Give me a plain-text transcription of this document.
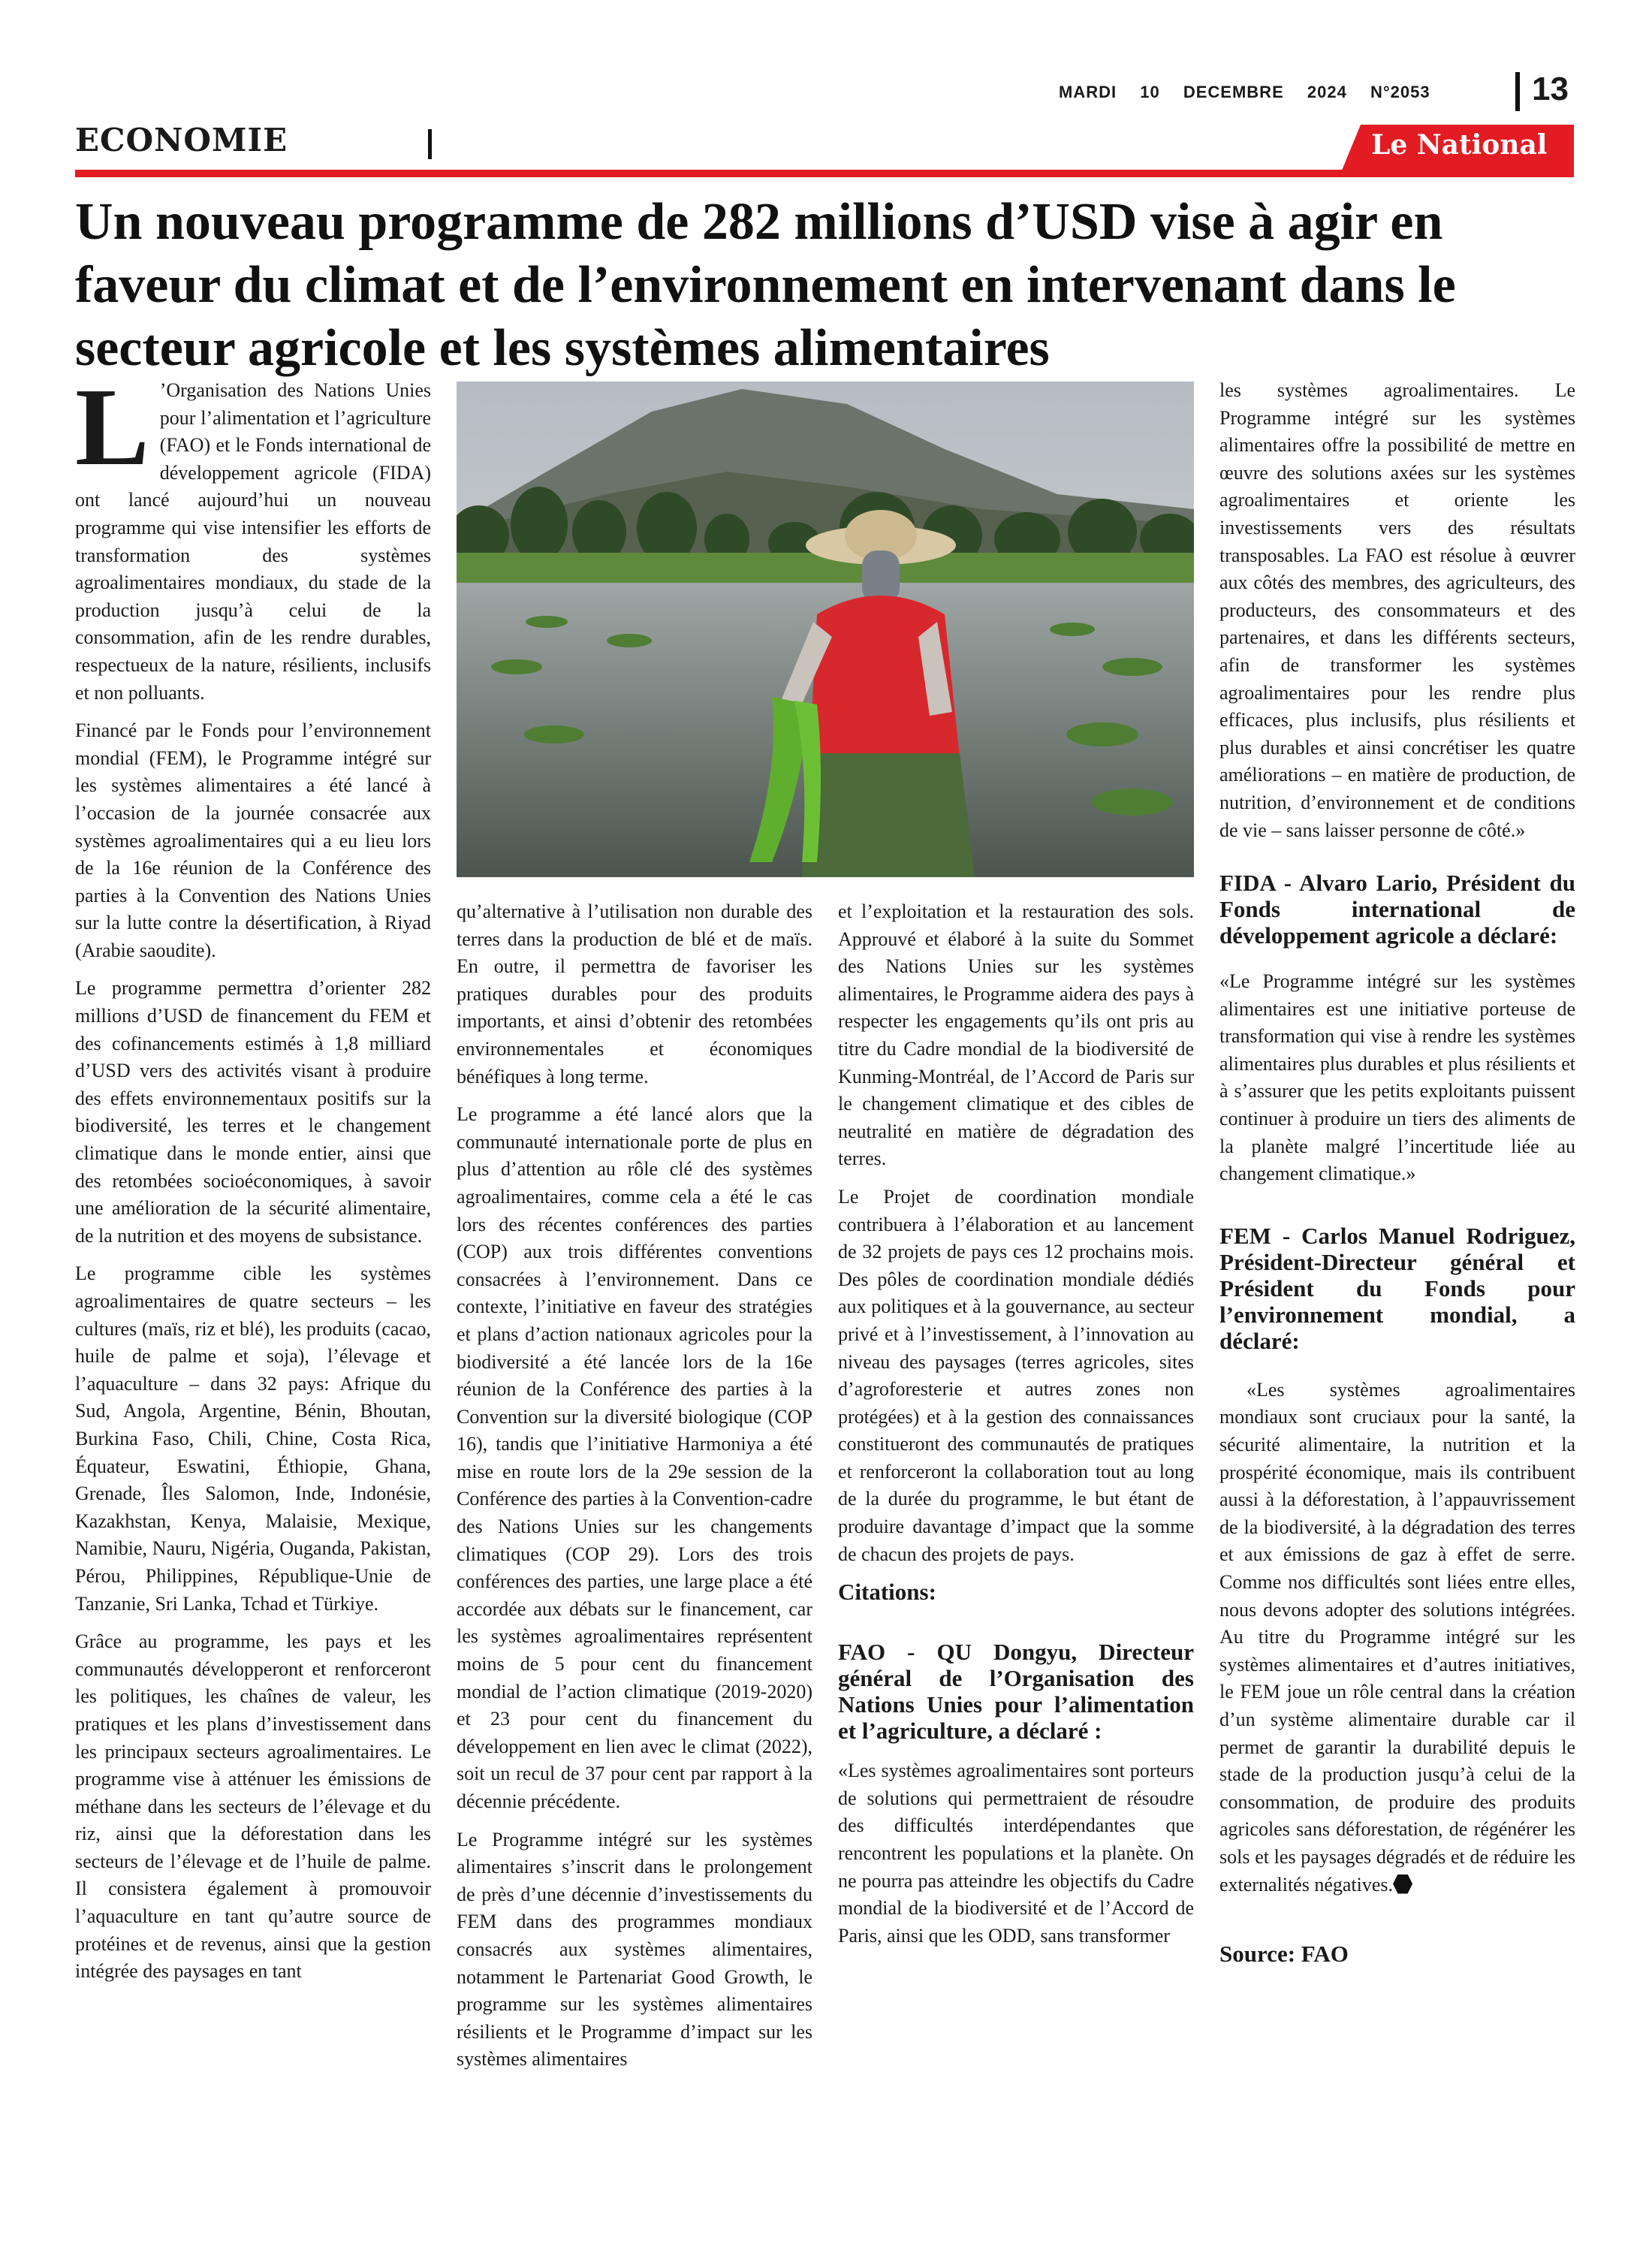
MARDI 10 DECEMBRE 2024 N°2053	13
ECONOMIE	Le National
Un nouveau programme de 282 millions d’USD vise à agir en faveur du climat et de l’environnement en intervenant dans le secteur agricole et les systèmes alimentaires

L ’Organisation des Nations Unies pour l’alimentation et l’agriculture (FAO) et le Fonds international de développement agricole (FIDA) ont lancé aujourd’hui un nouveau programme qui vise intensifier les efforts de transformation des systèmes agroalimentaires mondiaux, du stade de la production jusqu’à celui de la consommation, afin de les rendre durables, respectueux de la nature, résilients, inclusifs et non polluants.

Financé par le Fonds pour l’environnement mondial (FEM), le Programme intégré sur les systèmes alimentaires a été lancé à l’occasion de la journée consacrée aux systèmes agroalimentaires qui a eu lieu lors de la 16e réunion de la Conférence des parties à la Convention des Nations Unies sur la lutte contre la désertification, à Riyad (Arabie saoudite).

Le programme permettra d’orienter 282 millions d’USD de financement du FEM et des cofinancements estimés à 1,8 milliard d’USD vers des activités visant à produire des effets environnementaux positifs sur la biodiversité, les terres et le changement climatique dans le monde entier, ainsi que des retombées socioéconomiques, à savoir une amélioration de la sécurité alimentaire, de la nutrition et des moyens de subsistance.

Le programme cible les systèmes agroalimentaires de quatre secteurs – les cultures (maïs, riz et blé), les produits (cacao, huile de palme et soja), l’élevage et l’aquaculture – dans 32 pays: Afrique du Sud, Angola, Argentine, Bénin, Bhoutan, Burkina Faso, Chili, Chine, Costa Rica, Équateur, Eswatini, Éthiopie, Ghana, Grenade, Îles Salomon, Inde, Indonésie, Kazakhstan, Kenya, Malaisie, Mexique, Namibie, Nauru, Nigéria, Ouganda, Pakistan, Pérou, Philippines, République-Unie de Tanzanie, Sri Lanka, Tchad et Türkiye.

Grâce au programme, les pays et les communautés développeront et renforceront les politiques, les chaînes de valeur, les pratiques et les plans d’investissement dans les principaux secteurs agroalimentaires. Le programme vise à atténuer les émissions de méthane dans les secteurs de l’élevage et du riz, ainsi que la déforestation dans les secteurs de l’élevage et de l’huile de palme. Il consistera également à promouvoir l’aquaculture en tant qu’autre source de protéines et de revenus, ainsi que la gestion intégrée des paysages en tant

qu’alternative à l’utilisation non durable des terres dans la production de blé et de maïs. En outre, il permettra de favoriser les pratiques durables pour des produits importants, et ainsi d’obtenir des retombées environnementales et économiques bénéfiques à long terme.

Le programme a été lancé alors que la communauté internationale porte de plus en plus d’attention au rôle clé des systèmes agroalimentaires, comme cela a été le cas lors des récentes conférences des parties (COP) aux trois différentes conventions consacrées à l’environnement. Dans ce contexte, l’initiative en faveur des stratégies et plans d’action nationaux agricoles pour la biodiversité a été lancée lors de la 16e réunion de la Conférence des parties à la Convention sur la diversité biologique (COP 16), tandis que l’initiative Harmoniya a été mise en route lors de la 29e session de la Conférence des parties à la Convention-cadre des Nations Unies sur les changements climatiques (COP 29). Lors des trois conférences des parties, une large place a été accordée aux débats sur le financement, car les systèmes agroalimentaires représentent moins de 5 pour cent du financement mondial de l’action climatique (2019-2020) et 23 pour cent du financement du développement en lien avec le climat (2022), soit un recul de 37 pour cent par rapport à la décennie précédente.

Le Programme intégré sur les systèmes alimentaires s’inscrit dans le prolongement de près d’une décennie d’investissements du FEM dans des programmes mondiaux consacrés aux systèmes alimentaires, notamment le Partenariat Good Growth, le programme sur les systèmes alimentaires résilients et le Programme d’impact sur les systèmes alimentaires

et l’exploitation et la restauration des sols. Approuvé et élaboré à la suite du Sommet des Nations Unies sur les systèmes alimentaires, le Programme aidera des pays à respecter les engagements qu’ils ont pris au titre du Cadre mondial de la biodiversité de Kunming-Montréal, de l’Accord de Paris sur le changement climatique et des cibles de neutralité en matière de dégradation des terres.

Le Projet de coordination mondiale contribuera à l’élaboration et au lancement de 32 projets de pays ces 12 prochains mois. Des pôles de coordination mondiale dédiés aux politiques et à la gouvernance, au secteur privé et à l’investissement, à l’innovation au niveau des paysages (terres agricoles, sites d’agroforesterie et autres zones non protégées) et à la gestion des connaissances constitueront des communautés de pratiques et renforceront la collaboration tout au long de la durée du programme, le but étant de produire davantage d’impact que la somme de chacun des projets de pays.

Citations:
FAO - QU Dongyu, Directeur général de l’Organisation des Nations Unies pour l’alimentation et l’agriculture, a déclaré :

«Les systèmes agroalimentaires sont porteurs de solutions qui permettraient de résoudre des difficultés interdépendantes que rencontrent les populations et la planète. On ne pourra pas atteindre les objectifs du Cadre mondial de la biodiversité et de l’Accord de Paris, ainsi que les ODD, sans transformer

les systèmes agroalimentaires. Le Programme intégré sur les systèmes alimentaires offre la possibilité de mettre en œuvre des solutions axées sur les systèmes agroalimentaires et oriente les investissements vers des résultats transposables. La FAO est résolue à œuvrer aux côtés des membres, des agriculteurs, des producteurs, des consommateurs et des partenaires, et dans les différents secteurs, afin de transformer les systèmes agroalimentaires pour les rendre plus efficaces, plus inclusifs, plus résilients et plus durables et ainsi concrétiser les quatre améliorations – en matière de production, de nutrition, d’environnement et de conditions de vie – sans laisser personne de côté.»

FIDA - Alvaro Lario, Président du Fonds international de développement agricole a déclaré:

«Le Programme intégré sur les systèmes alimentaires est une initiative porteuse de transformation qui vise à rendre les systèmes alimentaires plus durables et plus résilients et à s’assurer que les petits exploitants puissent continuer à produire un tiers des aliments de la planète malgré l’incertitude liée au changement climatique.»

FEM - Carlos Manuel Rodriguez, Président-Directeur général et Président du Fonds pour l’environnement mondial, a déclaré:

«Les systèmes agroalimentaires mondiaux sont cruciaux pour la santé, la sécurité alimentaire, la nutrition et la prospérité économique, mais ils contribuent aussi à la déforestation, à l’appauvrissement de la biodiversité, à la dégradation des terres et aux émissions de gaz à effet de serre. Comme nos difficultés sont liées entre elles, nous devons adopter des solutions intégrées. Au titre du Programme intégré sur les systèmes alimentaires et d’autres initiatives, le FEM joue un rôle central dans la création d’un système alimentaire durable car il permet de garantir la durabilité depuis le stade de la production jusqu’à celui de la consommation, de produire des produits agricoles sans déforestation, de régénérer les sols et les paysages dégradés et de réduire les externalités négatives.

Source: FAO
